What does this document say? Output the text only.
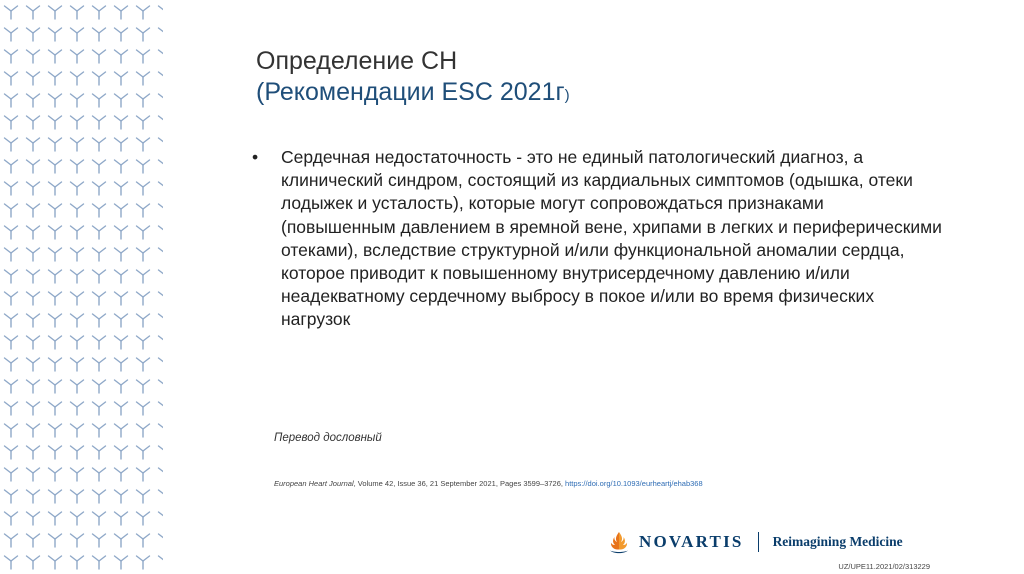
Определение СН
(Рекомендации ESC 2021г)
•	Сердечная недостаточность - это не единый патологический диагноз, а клинический синдром, состоящий из кардиальных симптомов (одышка, отеки лодыжек и усталость), которые могут сопровождаться признаками (повышенным давлением в яремной вене, хрипами в легких и периферическими отеками), вследствие структурной и/или функциональной аномалии сердца, которое приводит к повышенному внутрисердечному давлению и/или неадекватному сердечному выбросу в покое и/или во время физических нагрузок
Перевод дословный
European Heart Journal, Volume 42, Issue 36, 21 September 2021, Pages 3599–3726, https://doi.org/10.1093/eurheartj/ehab368
NOVARTIS Reimagining Medicine
UZ/UPE11.2021/02/313229
